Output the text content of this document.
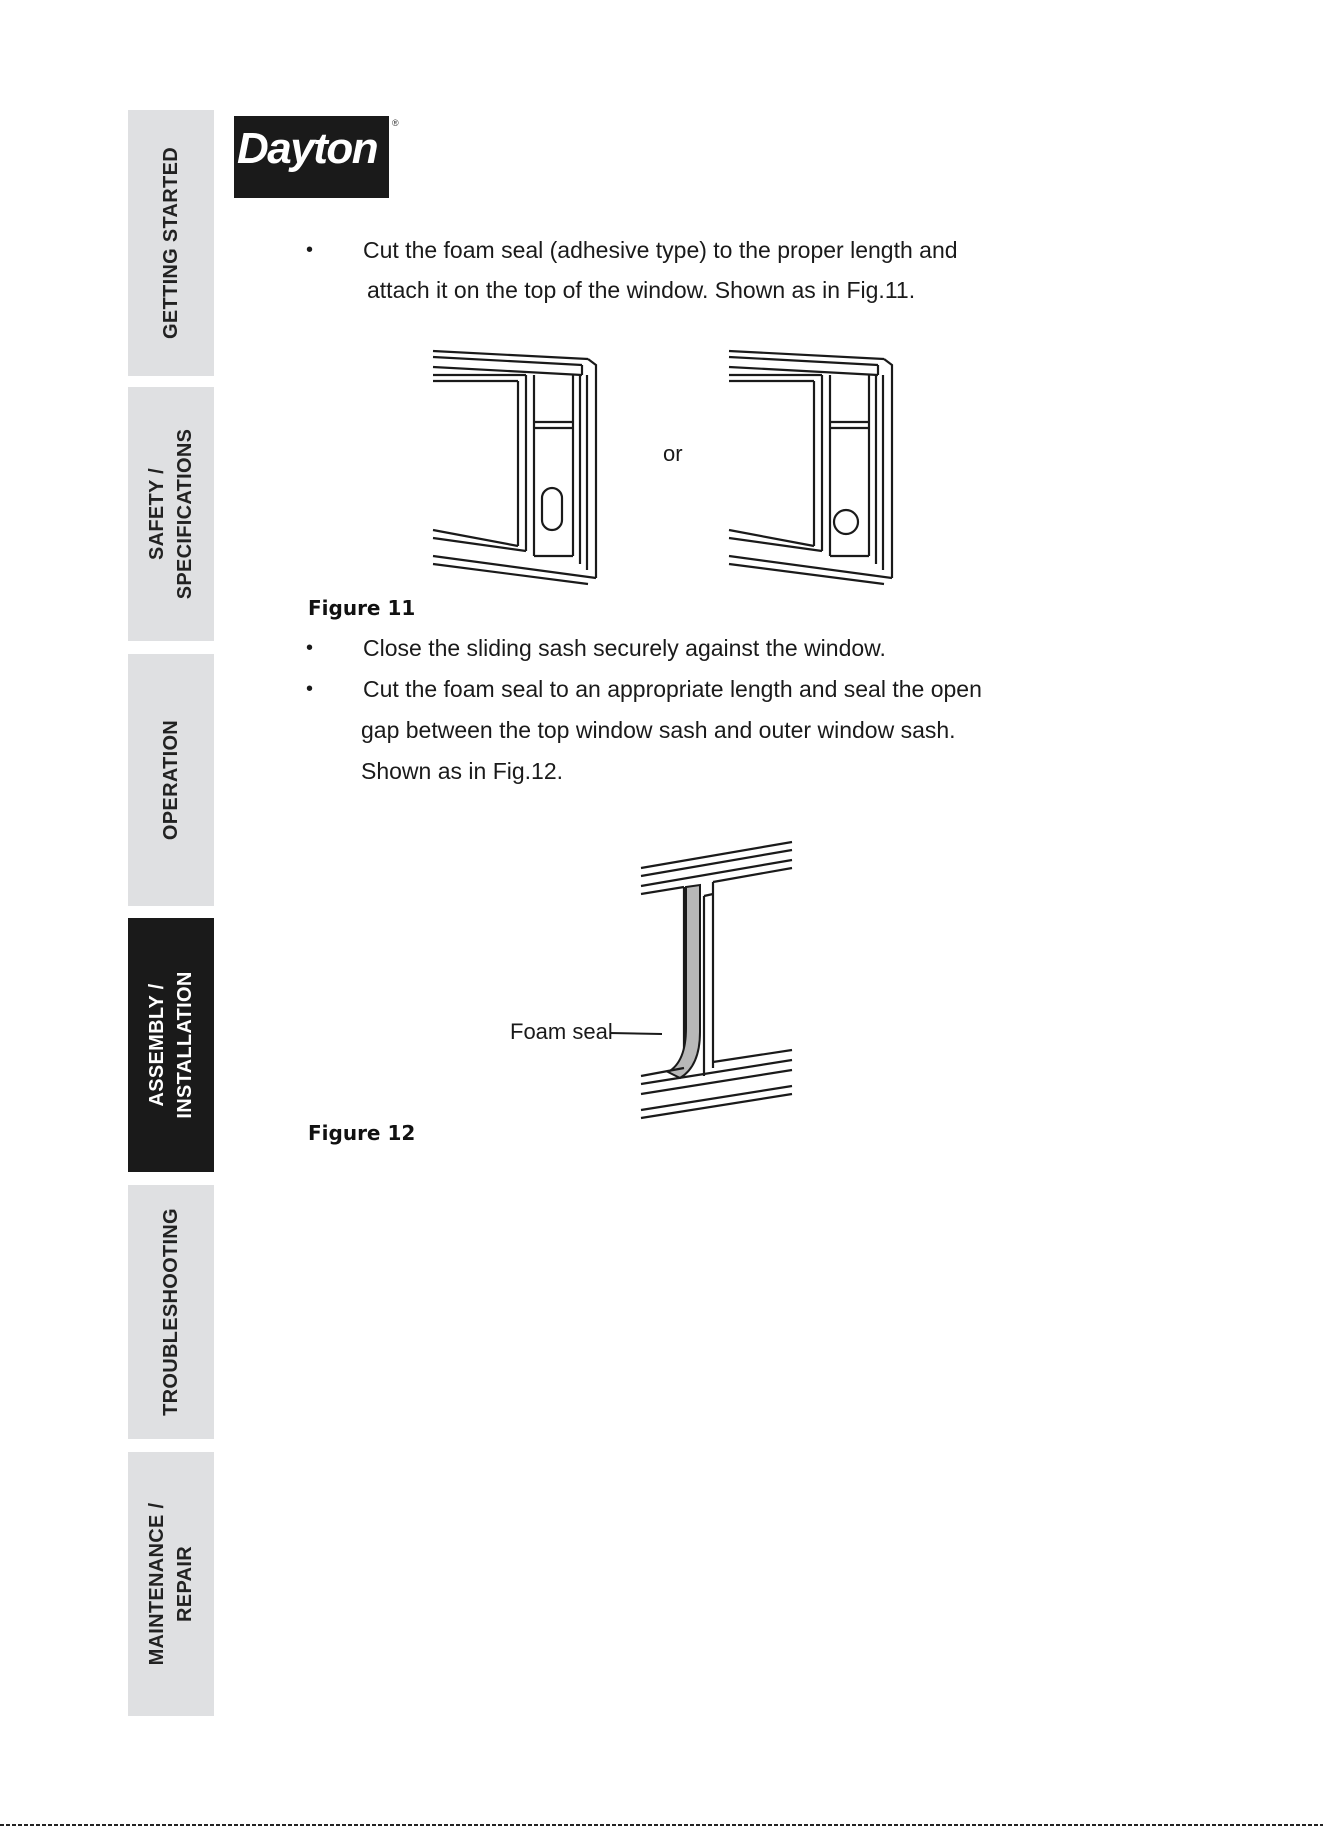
GETTING STARTED
SAFETY / SPECIFICATIONS
OPERATION
ASSEMBLY / INSTALLATION
TROUBLESHOOTING
MAINTENANCE / REPAIR
Dayton
®
• Cut the foam seal (adhesive type) to the proper length and
attach it on the top of the window. Shown as in Fig.11.
or
Figure 11
• Close the sliding sash securely against the window.
• Cut the foam seal to an appropriate length and seal the open
gap between the top window sash and outer window sash.
Shown as in Fig.12.
Foam seal
Figure 12
